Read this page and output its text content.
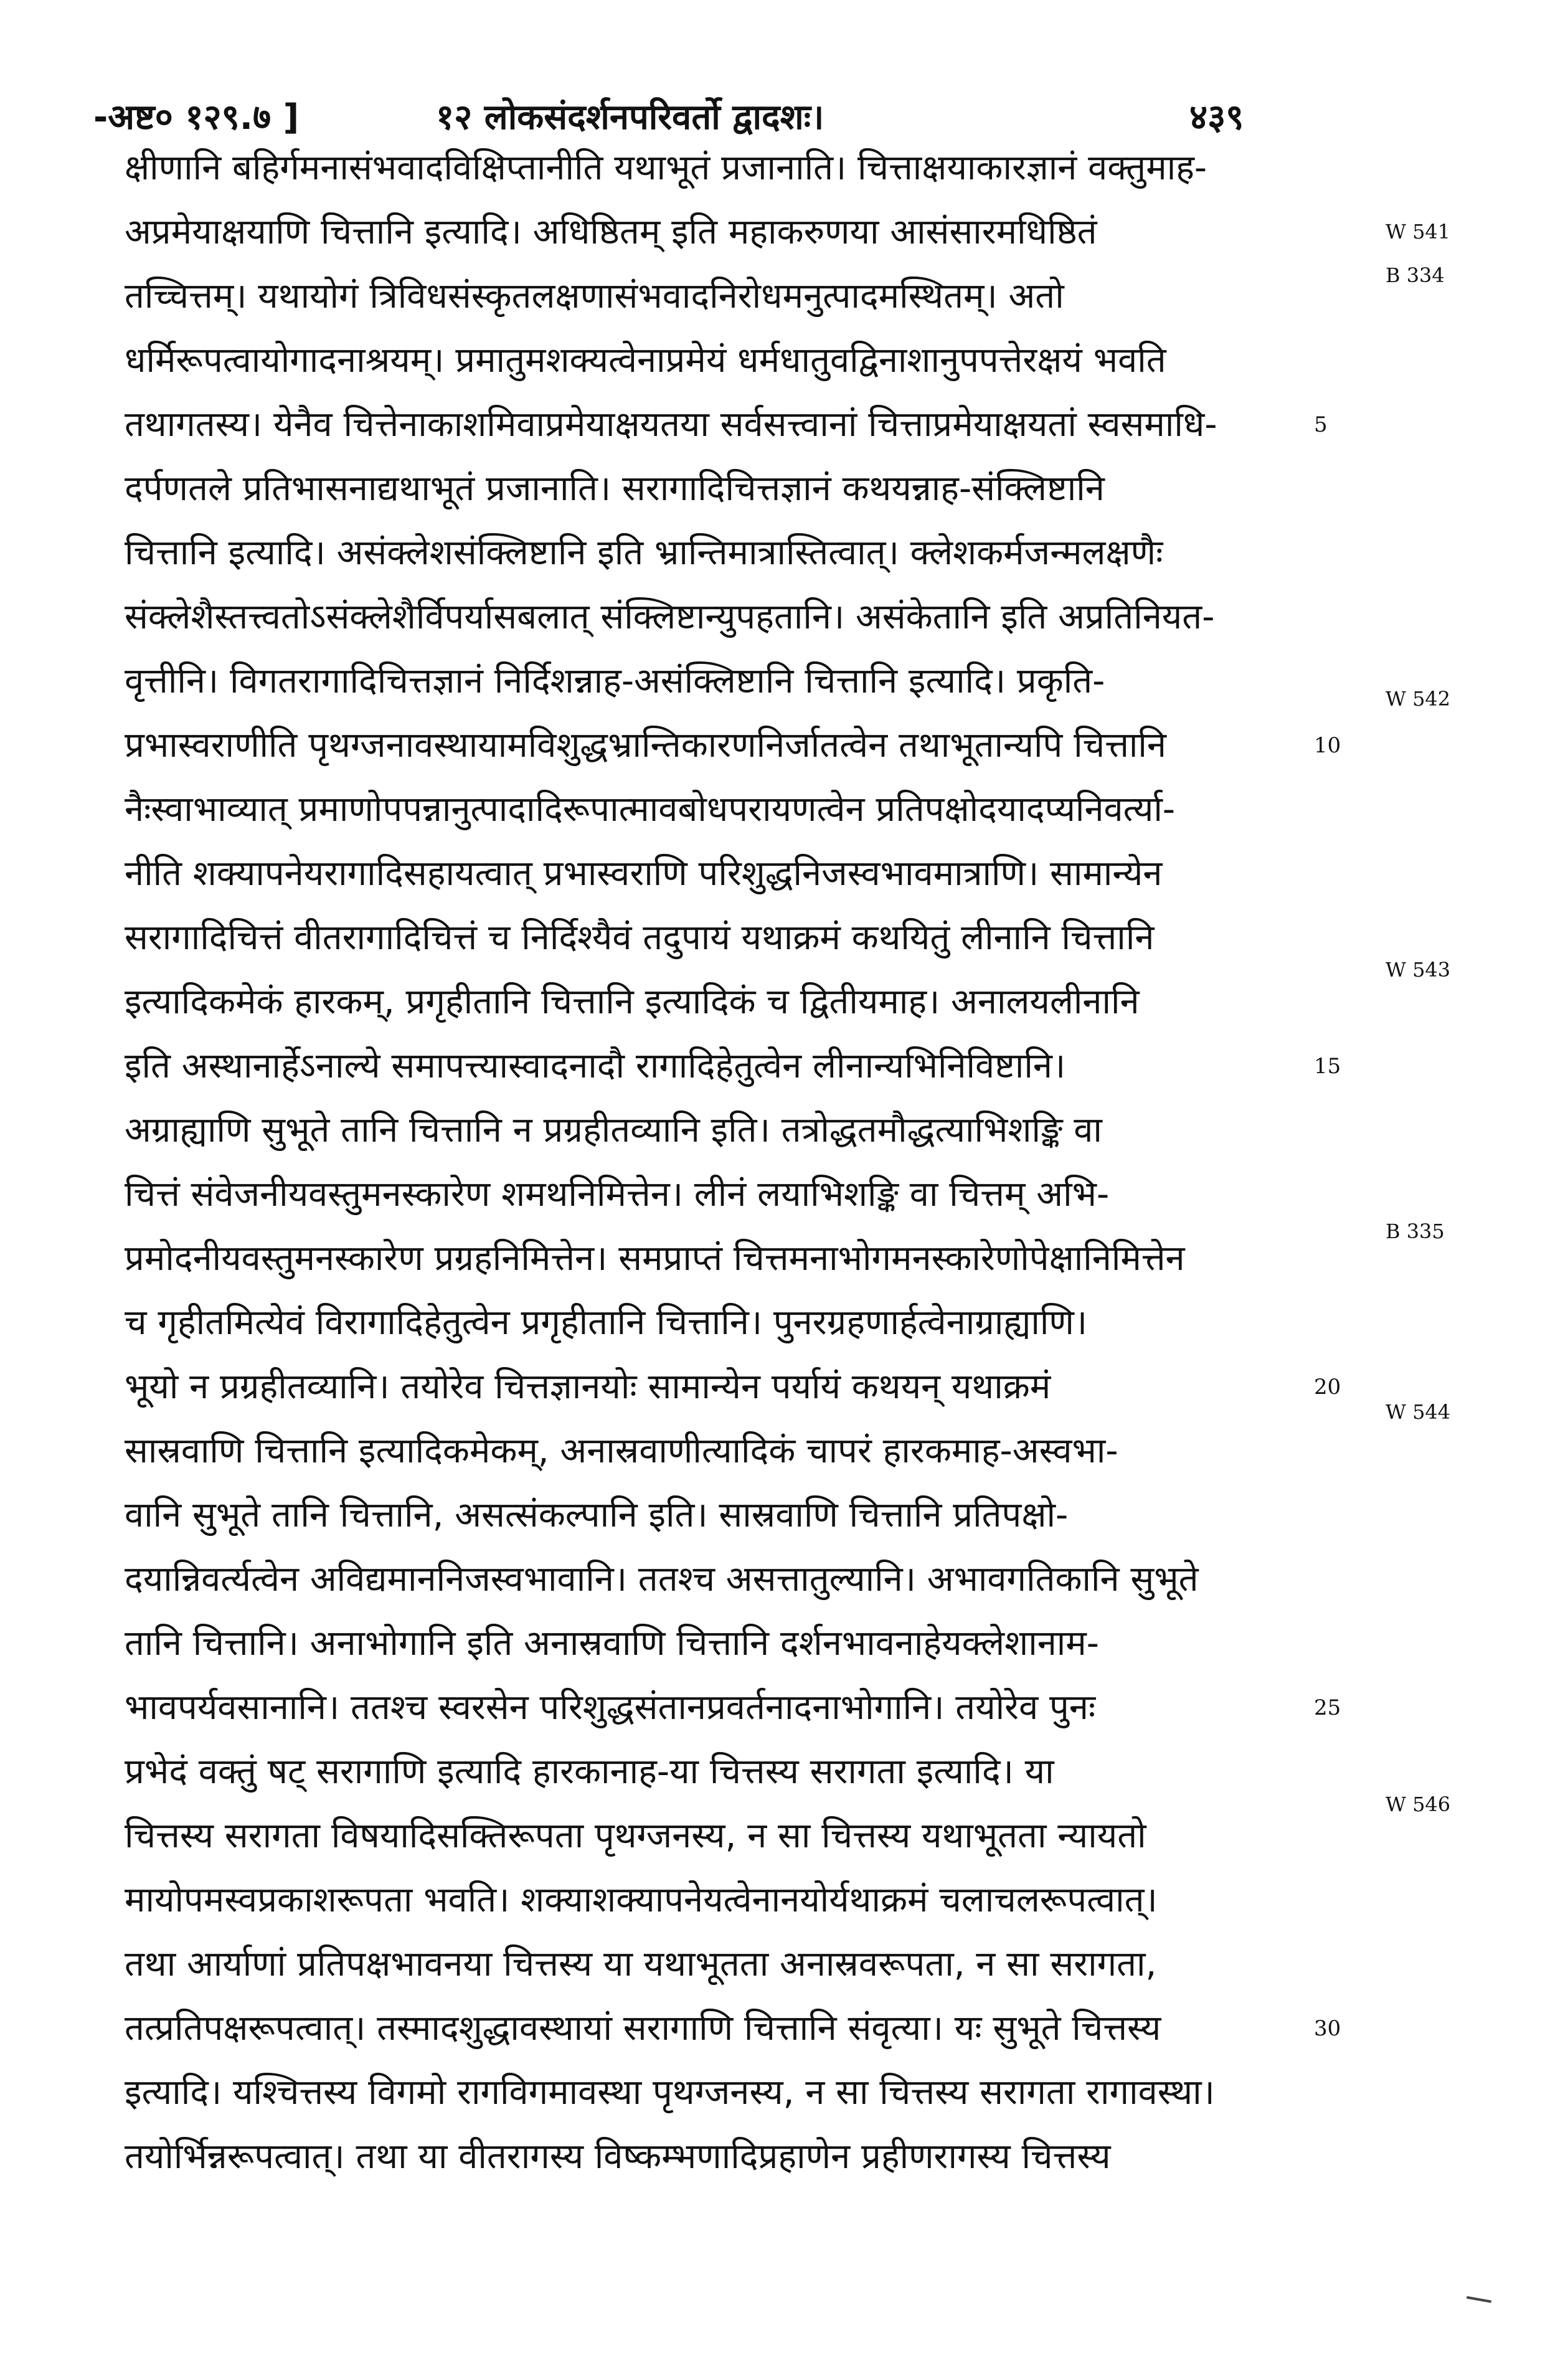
-अष्ट० १२९.७ ]	१२ लोकसंदर्शनपरिवर्तो द्वादशः।	४३९
क्षीणानि बहिर्गमनासंभवादविक्षिप्तानीति यथाभूतं प्रजानाति। चित्ताक्षयाकारज्ञानं वक्तुमाह-
अप्रमेयाक्षयाणि चित्तानि इत्यादि। अधिष्ठितम् इति महाकरुणया आसंसारमधिष्ठितं
तच्चित्तम्। यथायोगं त्रिविधसंस्कृतलक्षणासंभवादनिरोधमनुत्पादमस्थितम्। अतो
धर्मिरूपत्वायोगादनाश्रयम्। प्रमातुमशक्यत्वेनाप्रमेयं धर्मधातुवद्विनाशानुपपत्तेरक्षयं भवति
तथागतस्य। येनैव चित्तेनाकाशमिवाप्रमेयाक्षयतया सर्वसत्त्वानां चित्ताप्रमेयाक्षयतां स्वसमाधि-
दर्पणतले प्रतिभासनाद्यथाभूतं प्रजानाति। सरागादिचित्तज्ञानं कथयन्नाह-संक्लिष्टानि
चित्तानि इत्यादि। असंक्लेशसंक्लिष्टानि इति भ्रान्तिमात्रास्तित्वात्। क्लेशकर्मजन्मलक्षणैः
संक्लेशैस्तत्त्वतोऽसंक्लेशैर्विपर्यासबलात् संक्लिष्टान्युपहतानि। असंकेतानि इति अप्रतिनियत-
वृत्तीनि। विगतरागादिचित्तज्ञानं निर्दिशन्नाह-असंक्लिष्टानि चित्तानि इत्यादि। प्रकृति-
प्रभास्वराणीति पृथग्जनावस्थायामविशुद्धभ्रान्तिकारणनिर्जातत्वेन तथाभूतान्यपि चित्तानि
नैःस्वाभाव्यात् प्रमाणोपपन्नानुत्पादादिरूपात्मावबोधपरायणत्वेन प्रतिपक्षोदयादप्यनिवर्त्या-
नीति शक्यापनेयरागादिसहायत्वात् प्रभास्वराणि परिशुद्धनिजस्वभावमात्राणि। सामान्येन
सरागादिचित्तं वीतरागादिचित्तं च निर्दिश्यैवं तदुपायं यथाक्रमं कथयितुं लीनानि चित्तानि
इत्यादिकमेकं हारकम्, प्रगृहीतानि चित्तानि इत्यादिकं च द्वितीयमाह। अनालयलीनानि
इति अस्थानार्हेऽनाल्ये समापत्त्यास्वादनादौ रागादिहेतुत्वेन लीनान्यभिनिविष्टानि।
अग्राह्याणि सुभूते तानि चित्तानि न प्रग्रहीतव्यानि इति। तत्रोद्धतमौद्धत्याभिशङ्कि वा
चित्तं संवेजनीयवस्तुमनस्कारेण शमथनिमित्तेन। लीनं लयाभिशङ्कि वा चित्तम् अभि-
प्रमोदनीयवस्तुमनस्कारेण प्रग्रहनिमित्तेन। समप्राप्तं चित्तमनाभोगमनस्कारेणोपेक्षानिमित्तेन
च गृहीतमित्येवं विरागादिहेतुत्वेन प्रगृहीतानि चित्तानि। पुनरग्रहणार्हत्वेनाग्राह्याणि।
भूयो न प्रग्रहीतव्यानि। तयोरेव चित्तज्ञानयोः सामान्येन पर्यायं कथयन् यथाक्रमं
सास्रवाणि चित्तानि इत्यादिकमेकम्, अनास्रवाणीत्यादिकं चापरं हारकमाह-अस्वभा-
वानि सुभूते तानि चित्तानि, असत्संकल्पानि इति। सास्रवाणि चित्तानि प्रतिपक्षो-
दयान्निवर्त्यत्वेन अविद्यमाननिजस्वभावानि। ततश्च असत्तातुल्यानि। अभावगतिकानि सुभूते
तानि चित्तानि। अनाभोगानि इति अनास्रवाणि चित्तानि दर्शनभावनाहेयक्लेशानाम-
भावपर्यवसानानि। ततश्च स्वरसेन परिशुद्धसंतानप्रवर्तनादनाभोगानि। तयोरेव पुनः
प्रभेदं वक्तुं षट् सरागाणि इत्यादि हारकानाह-या चित्तस्य सरागता इत्यादि। या
चित्तस्य सरागता विषयादिसक्तिरूपता पृथग्जनस्य, न सा चित्तस्य यथाभूतता न्यायतो
मायोपमस्वप्रकाशरूपता भवति। शक्याशक्यापनेयत्वेनानयोर्यथाक्रमं चलाचलरूपत्वात्।
तथा आर्याणां प्रतिपक्षभावनया चित्तस्य या यथाभूतता अनास्रवरूपता, न सा सरागता,
तत्प्रतिपक्षरूपत्वात्। तस्मादशुद्धावस्थायां सरागाणि चित्तानि संवृत्या। यः सुभूते चित्तस्य
इत्यादि। यश्चित्तस्य विगमो रागविगमावस्था पृथग्जनस्य, न सा चित्तस्य सरागता रागावस्था।
तयोर्भिन्नरूपत्वात्। तथा या वीतरागस्य विष्कम्भणादिप्रहाणेन प्रहीणरागस्य चित्तस्य
5
10
15
20
25
30
W 541
B 334
W 542
W 543
B 335
W 544
W 546
